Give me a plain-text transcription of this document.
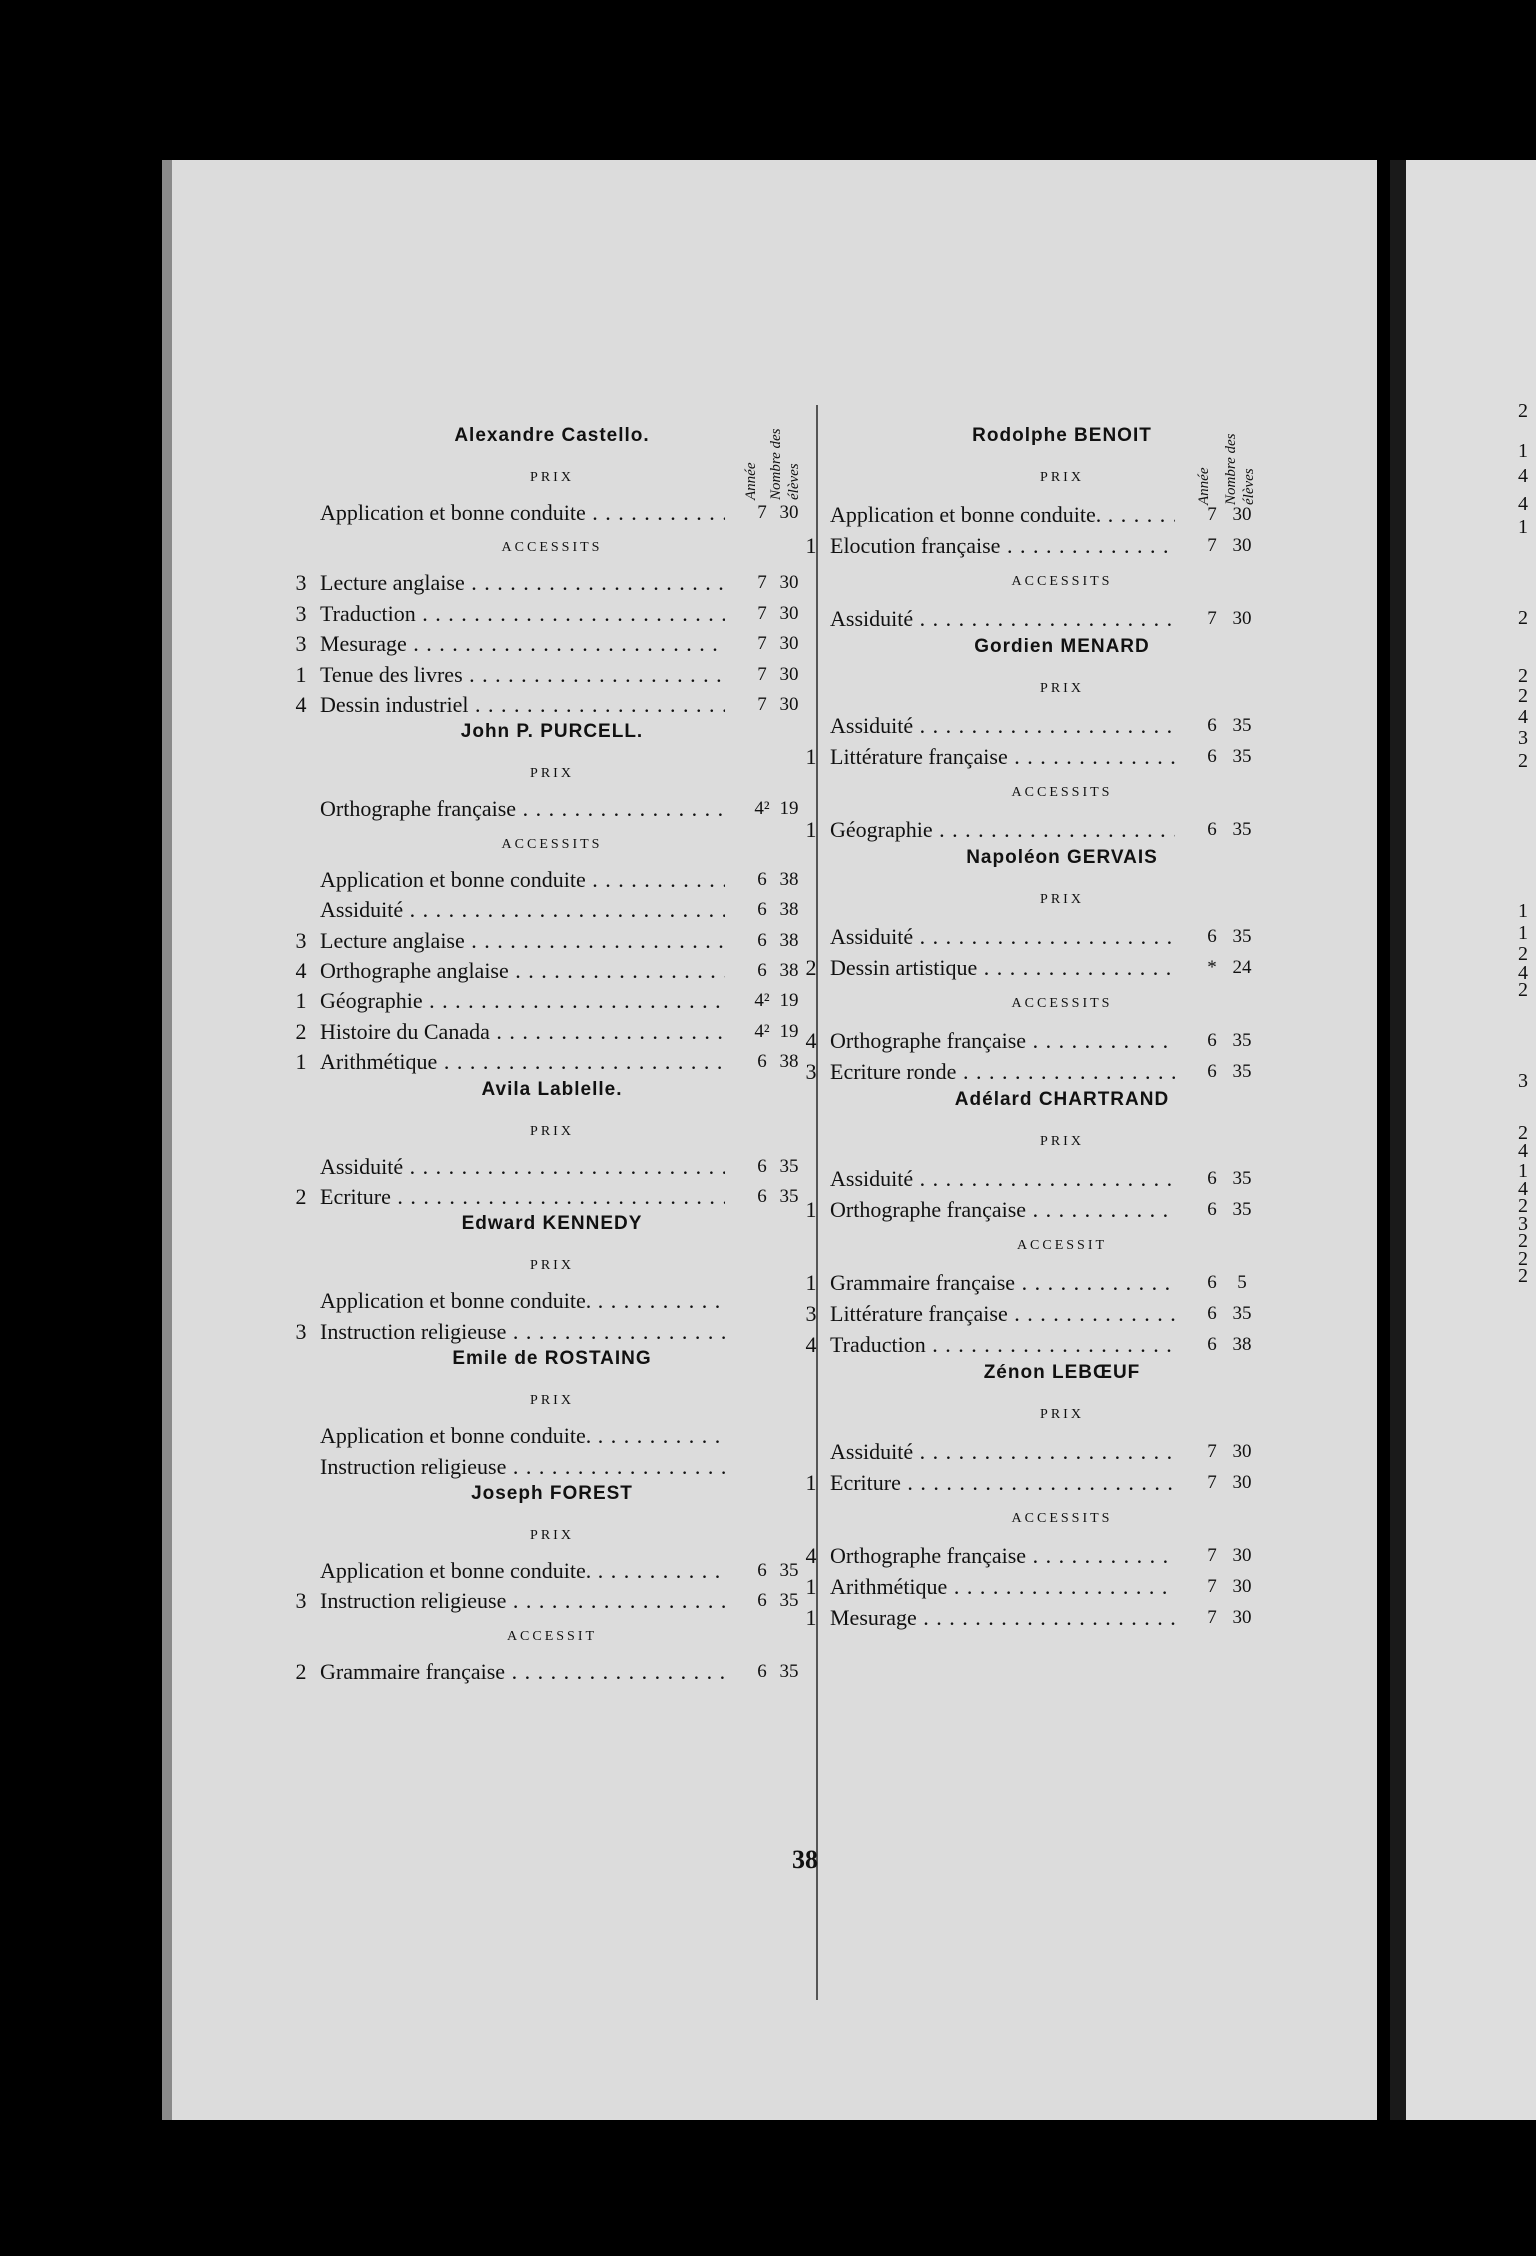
Année Nombre des élèves	Année Nombre des élèves
Alexandre Castello.
PRIX
Application et bonne conduite . . .	7 30
ACCESSITS
3 Lecture anglaise . . .	7 30
3 Traduction . . .	7 30
3 Mesurage . . .	7 30
1 Tenue des livres . . .	7 30
4 Dessin industriel . . .	7 30
John P. PURCELL.
PRIX
Orthographe française . . .	4² 19
ACCESSITS
Application et bonne conduite . . .	6 38
Assiduité . . .	6 38
3 Lecture anglaise . . .	6 38
4 Orthographe anglaise . . .	6 38
1 Géographie . . .	4² 19
2 Histoire du Canada . . .	4² 19
1 Arithmétique . . .	6 38
Avila Lablelle.
PRIX
Assiduité . . .	6 35
2 Ecriture . . .	6 35
Edward KENNEDY
PRIX
Application et bonne conduite. . . .
3 Instruction religieuse . . .
Emile de ROSTAING
PRIX
Application et bonne conduite. . . .
Instruction religieuse . . .
Joseph FOREST
PRIX
Application et bonne conduite. . . .	6 35
3 Instruction religieuse . . .	6 35
ACCESSIT
2 Grammaire française . . .	6 35
Rodolphe BENOIT
PRIX
Application et bonne conduite. . . .	7 30
1 Elocution française . . .	7 30
ACCESSITS
Assiduité . . .	7 30
Gordien MENARD
PRIX
Assiduité . . .	6 35
1 Littérature française . . .	6 35
ACCESSITS
1 Géographie . . .	6 35
Napoléon GERVAIS
PRIX
Assiduité . . .	6 35
2 Dessin artistique . . .	* 24
ACCESSITS
4 Orthographe française . . .	6 35
3 Ecriture ronde . . .	6 35
Adélard CHARTRAND
PRIX
Assiduité . . .	6 35
1 Orthographe française . . .	6 35
ACCESSIT
1 Grammaire française . . .	6	5
3 Littérature française . . .	6 35
4 Traduction . . .	6 38
Zénon LEBŒUF
PRIX
Assiduité . . .	7 30
1 Ecriture . . .	7 30
ACCESSITS
4 Orthographe française . . .	7 30
1 Arithmétique . . .	7 30
1 Mesurage . . .	7 30
38
2
1
4
4
1
2
2
2
4
3
2
1
1
2
4
2
3
2
4
1
4
2
3
2
2
2
